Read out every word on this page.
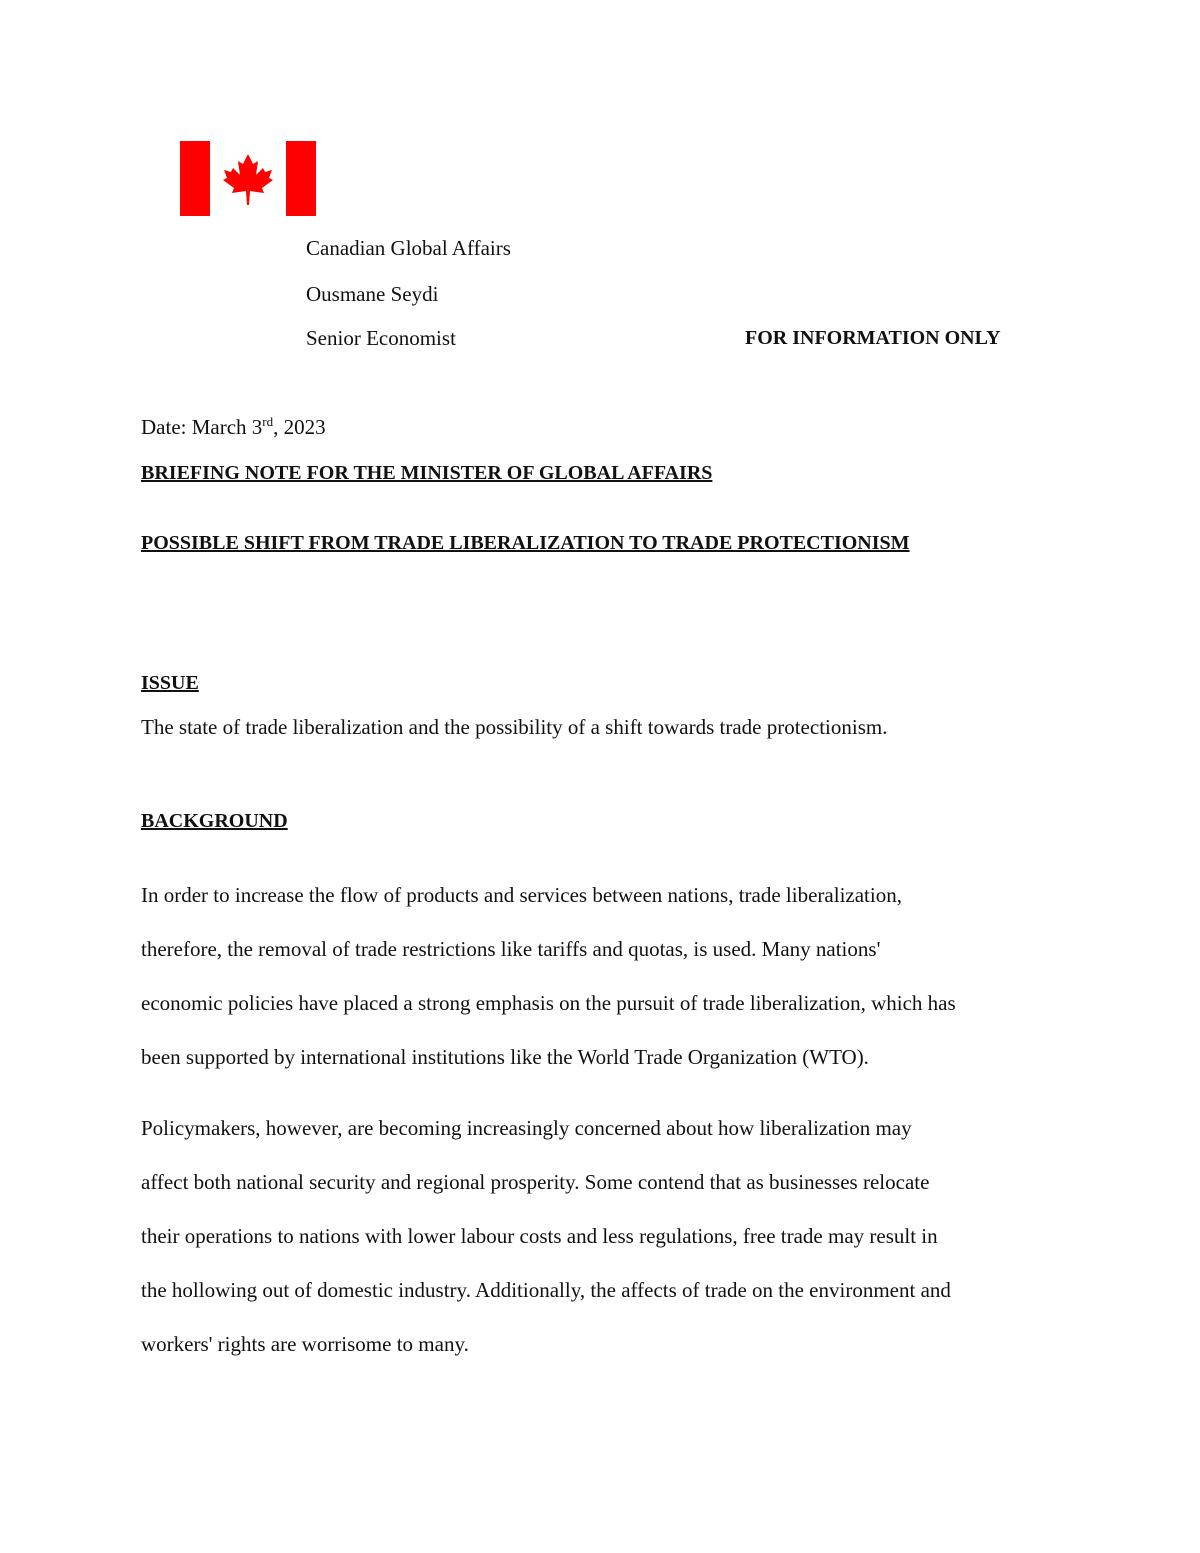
Canadian Global Affairs
Ousmane Seydi
Senior Economist	FOR INFORMATION ONLY
Date: March 3rd, 2023
BRIEFING NOTE FOR THE MINISTER OF GLOBAL AFFAIRS
POSSIBLE SHIFT FROM TRADE LIBERALIZATION TO TRADE PROTECTIONISM
ISSUE
The state of trade liberalization and the possibility of a shift towards trade protectionism.
BACKGROUND
In order to increase the flow of products and services between nations, trade liberalization,
therefore, the removal of trade restrictions like tariffs and quotas, is used. Many nations'
economic policies have placed a strong emphasis on the pursuit of trade liberalization, which has
been supported by international institutions like the World Trade Organization (WTO).
Policymakers, however, are becoming increasingly concerned about how liberalization may
affect both national security and regional prosperity. Some contend that as businesses relocate
their operations to nations with lower labour costs and less regulations, free trade may result in
the hollowing out of domestic industry. Additionally, the affects of trade on the environment and
workers' rights are worrisome to many.
